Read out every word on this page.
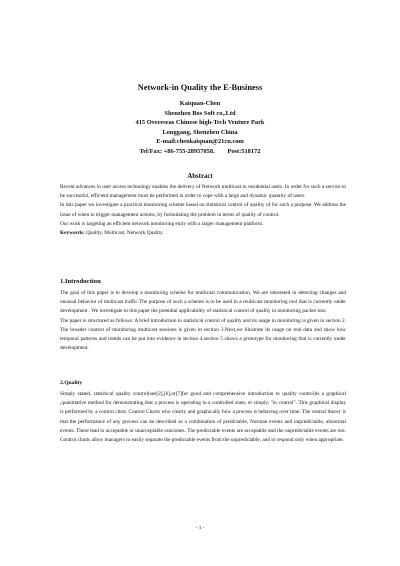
Network-in Quality the E-Business
Kaiquan-Chen
Shenzhen Bos Soft co,.Ltd
415 Overeseas Chinese high-Tech Venture Park
Longgang, Shenzhen China
E-mail:chenkaiquan@21cn.com
Tel/Fax: +86-755-28957858.        Post:518172
Abstract

Recent advances in user access technology enables the delivery of Network multicast to residential users. In order for such a service to be successful, efficient management must be performed in order to cope with a large and dynamic quantity of users.

In this paper we investigate a practical monitoring scheme based on statistical control of quality of for such a purpose. We address the issue of when to trigger management actions, by formulating the problem in terms of quality of control.

Our work is targeting an efficient network monitoring enity with a larger management platform.

Keywords: Quality, Multicast, Network Quality.

1.Introduction

The goal of this paper is to develop a monitoring scheme for multicast communication. We are interested in detecting changes and unusual behavior of multicast traffic.The purpose of such a scheme is to be used in a multicast monitoring tool that is currently under development . We investigate in this paper the potential applicability of statistical control of quality in monitoring packet loss.

The paper is structured as follows: A brief introduction to statistical control of quality and its usage in monitoring is given in section 2. The broader context of monitoring multicast sessions is given in section 3.Next,we illustrate its usage on real data and show how temporal patterns and trends can be put into evidence in section 4.section 5 shows a prototype for monitoring that is currently under development.

2.Quality

Simply stated, statistical quality control(see[2],[6],or[7]for good and comprehensive introduction to quality control)is a graphical ,quantitative method for demonstrating that a process is operating in a controlled state, or simply, "in control". This graphical display is performed by a control chart. Control Charts who clearly and graphically how a process is behaving over time. The central theory is that the performance of any process can be described as a combination of predictable, Norman events and unpredictable, abnormal events. These lead to acceptable or unacceptable outcomes. The predictable events are acceptable and the unpredictable events are not. Control charts allow managers to easily separate the predictable events from the unpredictable, and to respond only when appropriate.

- 1 -
